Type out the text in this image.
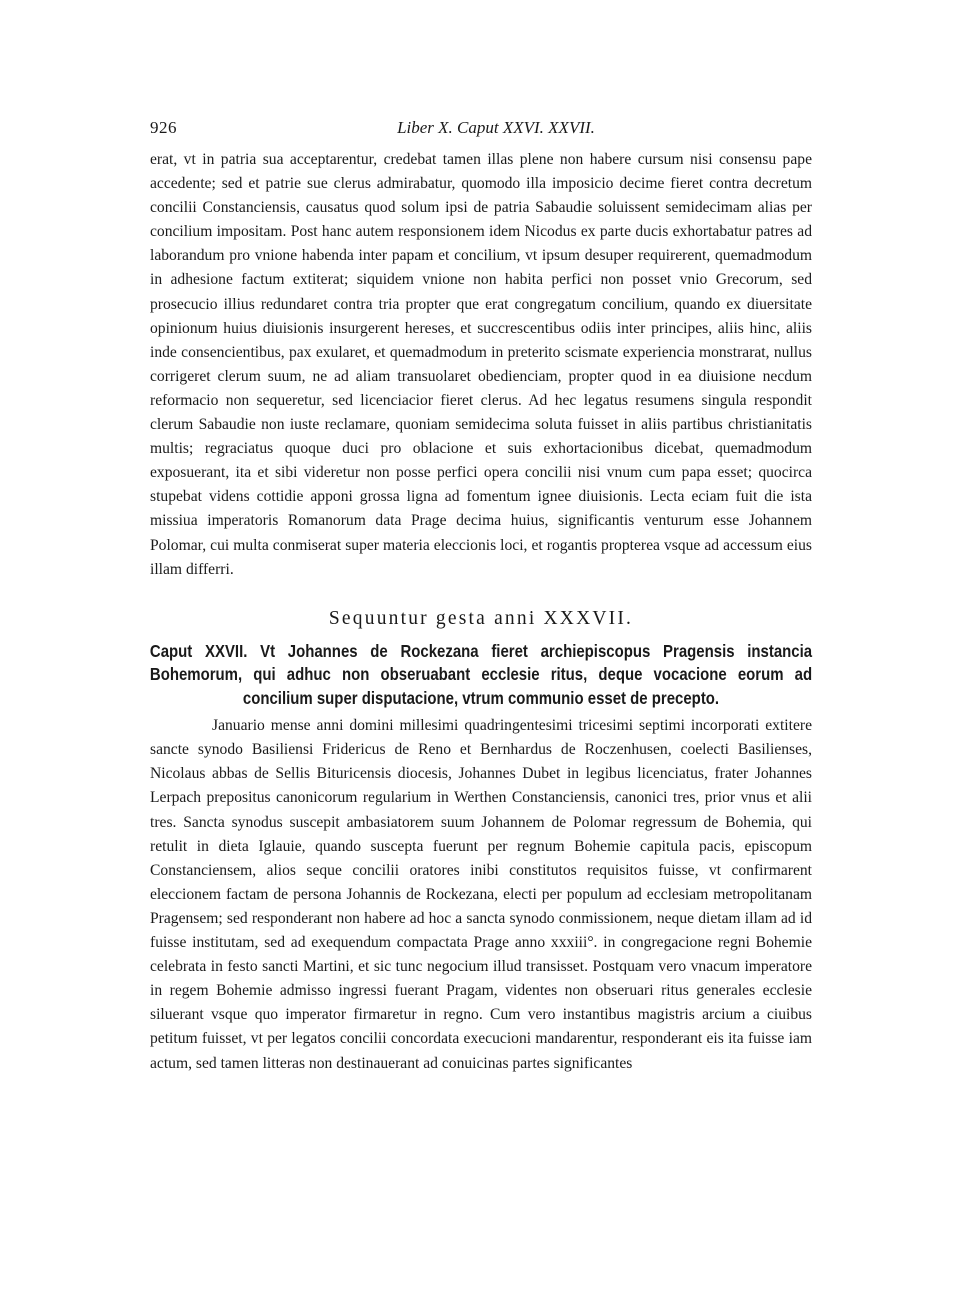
926	Liber X. Caput XXVI. XXVII.

erat, vt in patria sua acceptarentur, credebat tamen illas plene non habere cursum nisi consensu pape accedente; sed et patrie sue clerus admirabatur, quomodo illa imposicio decime fieret contra decretum concilii Constanciensis, causatus quod solum ipsi de patria Sabaudie soluissent semidecimam alias per concilium impositam. Post hanc autem responsionem idem Nicodus ex parte ducis exhortabatur patres ad laborandum pro vnione habenda inter papam et concilium, vt ipsum desuper requirerent, quemadmodum in adhesione factum extiterat; siquidem vnione non habita perfici non posset vnio Grecorum, sed prosecucio illius redundaret contra tria propter que erat congregatum concilium, quando ex diuersitate opinionum huius diuisionis insurgerent hereses, et succrescentibus odiis inter principes, aliis hinc, aliis inde consencientibus, pax exularet, et quemadmodum in preterito scismate experiencia monstrarat, nullus corrigeret clerum suum, ne ad aliam transuolaret obedienciam, propter quod in ea diuisione necdum reformacio non sequeretur, sed licenciacior fieret clerus. Ad hec legatus resumens singula respondit clerum Sabaudie non iuste reclamare, quoniam semidecima soluta fuisset in aliis partibus christianitatis multis; regraciatus quoque duci pro oblacione et suis exhortacionibus dicebat, quemadmodum exposuerant, ita et sibi videretur non posse perfici opera concilii nisi vnum cum papa esset; quocirca stupebat videns cottidie apponi grossa ligna ad fomentum ignee diuisionis. Lecta eciam fuit die ista missiua imperatoris Romanorum data Prage decima huius, significantis venturum esse Johannem Polomar, cui multa conmiserat super materia eleccionis loci, et rogantis propterea vsque ad accessum eius illam differri.

Sequuntur gesta anni XXXVII.
Caput XXVII. Vt Johannes de Rockezana fieret archiepiscopus Pragensis instancia Bohemorum, qui adhuc non obseruabant ecclesie ritus, deque vocacione eorum ad concilium super disputacione, vtrum communio esset de precepto.

Januario mense anni domini millesimi quadringentesimi tricesimi septimi incorporati extitere sancte synodo Basiliensi Fridericus de Reno et Bernhardus de Roczenhusen, coelecti Basilienses, Nicolaus abbas de Sellis Bituricensis diocesis, Johannes Dubet in legibus licenciatus, frater Johannes Lerpach prepositus canonicorum regularium in Werthen Constanciensis, canonici tres, prior vnus et alii tres. Sancta synodus suscepit ambasiatorem suum Johannem de Polomar regressum de Bohemia, qui retulit in dieta Iglauie, quando suscepta fuerunt per regnum Bohemie capitula pacis, episcopum Constanciensem, alios seque concilii oratores inibi constitutos requisitos fuisse, vt confirmarent eleccionem factam de persona Johannis de Rockezana, electi per populum ad ecclesiam metropolitanam Pragensem; sed responderant non habere ad hoc a sancta synodo conmissionem, neque dietam illam ad id fuisse institutam, sed ad exequendum compactata Prage anno xxxiii°. in congregacione regni Bohemie celebrata in festo sancti Martini, et sic tunc negocium illud transisset. Postquam vero vnacum imperatore in regem Bohemie admisso ingressi fuerant Pragam, videntes non obseruari ritus generales ecclesie siluerant vsque quo imperator firmaretur in regno. Cum vero instantibus magistris arcium a ciuibus petitum fuisset, vt per legatos concilii concordata execucioni mandarentur, responderant eis ita fuisse iam actum, sed tamen litteras non destinauerant ad conuicinas partes significantes
